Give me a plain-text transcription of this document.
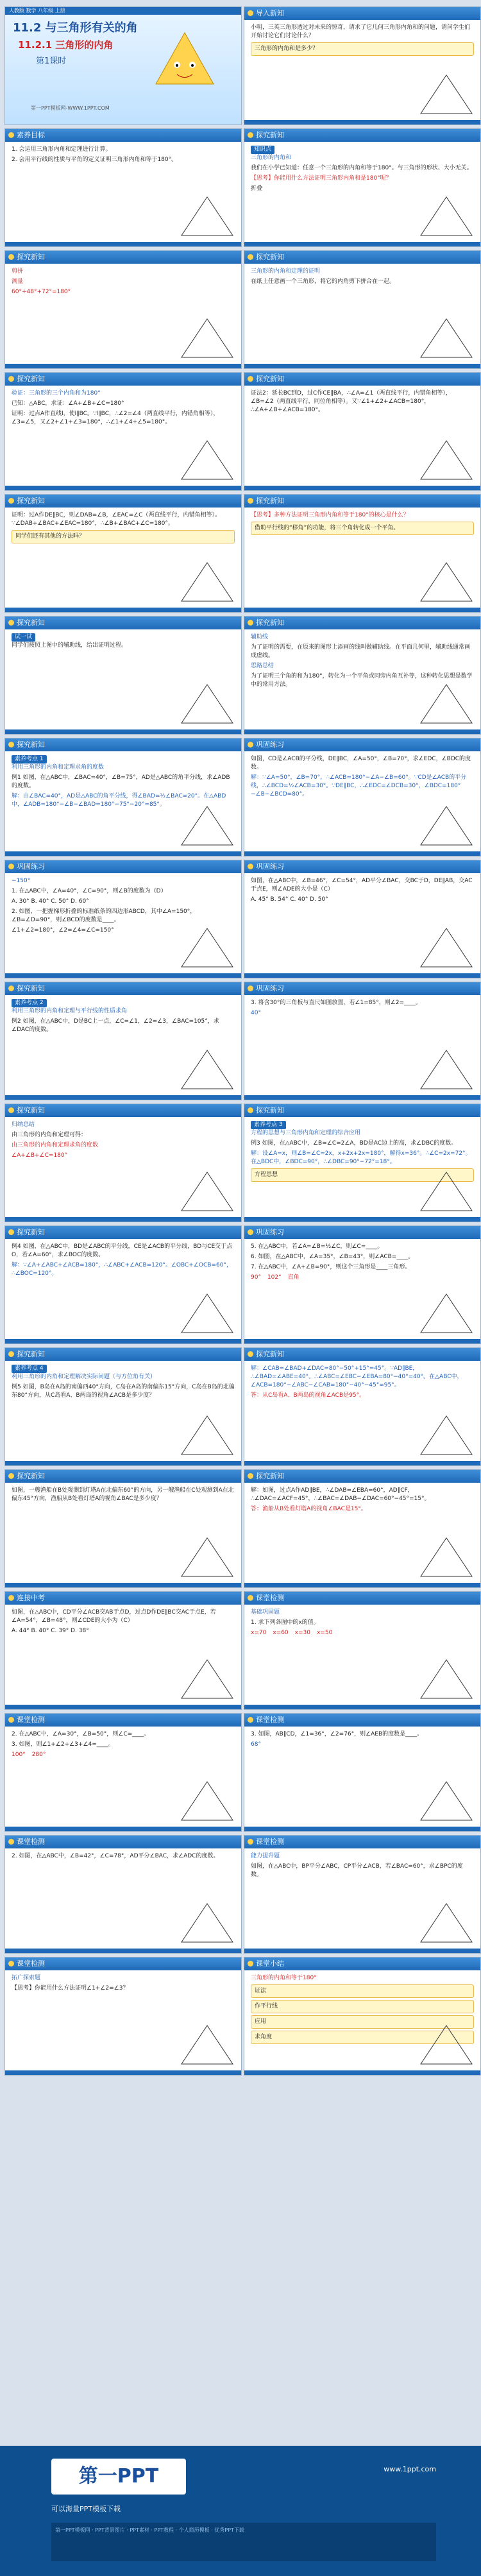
人教版 数学 八年级 上册
11.2 与三角形有关的角
11.2.1 三角形的内角
第1课时
第一PPT模板网-WWW.1PPT.COM
导入新知
小明，三英三角形透过对未来的惊奇，请求了它几何三角形内角和的问题，请问学生们开始讨论它们讨论什么？
三角形的内角和是多少？
素养目标
1. 会运用三角形内角和定理进行计算。
2. 会用平行线的性质与平角的定义证明三角形内角和等于180°。
探究新知
知识点
三角形的内角和
我们在小学已知道：任意一个三角形的内角和等于180°。与三角形的形状、大小无关。
【思考】你能用什么方法证明三角形内角和是180°呢？
折叠
探究新知
剪拼
测量
60°+48°+72°=180°
探究新知
三角形的内角和定理的证明
在纸上任意画一个三角形，将它的内角剪下拼合在一起。
探究新知
验证：三角形的三个内角和为180°
已知：△ABC，求证：∠A+∠B+∠C=180°
证明：过点A作直线l，使l∥BC。∵l∥BC，∴∠2=∠4（两直线平行，内错角相等），∠3=∠5，又∠2+∠1+∠3=180°，∴∠1+∠4+∠5=180°。
探究新知
证法2：延长BC到D，过C作CE∥BA，∴∠A=∠1（两直线平行，内错角相等），∠B=∠2（两直线平行，同位角相等）。又∵∠1+∠2+∠ACB=180°，∴∠A+∠B+∠ACB=180°。
探究新知
证明：过A作DE∥BC，则∠DAB=∠B，∠EAC=∠C（两直线平行，内错角相等）。∵∠DAB+∠BAC+∠EAC=180°，∴∠B+∠BAC+∠C=180°。
同学们还有其他的方法吗？
探究新知
【思考】多种方法证明三角形内角和等于180°的核心是什么？
借助平行线的“移角”的功能，将三个角转化成一个平角。
探究新知
试一试
同学们按照上图中的辅助线，给出证明过程。
探究新知
辅助线
为了证明的需要，在原来的图形上添画的线叫做辅助线。在平面几何里，辅助线通常画成虚线。
思路总结
为了证明三个角的和为180°，转化为一个平角或同旁内角互补等，这种转化思想是数学中的常用方法。
探究新知
素养考点 1
利用三角形的内角和定理求角的度数
例1 如图，在△ABC中，∠BAC=40°，∠B=75°，AD是△ABC的角平分线，求∠ADB的度数。
解：由∠BAC=40°，AD是△ABC的角平分线，得∠BAD=½∠BAC=20°。在△ABD中，∠ADB=180°−∠B−∠BAD=180°−75°−20°=85°。
巩固练习
如图，CD是∠ACB的平分线，DE∥BC，∠A=50°，∠B=70°，求∠EDC，∠BDC的度数。
解：∵∠A=50°，∠B=70°，∴∠ACB=180°−∠A−∠B=60°。∵CD是∠ACB的平分线，∴∠BCD=½∠ACB=30°。∵DE∥BC，∴∠EDC=∠DCB=30°，∠BDC=180°−∠B−∠BCD=80°。
巩固练习
−150°
1. 在△ABC中，∠A=40°，∠C=90°，则∠B的度数为（D）
A. 30° B. 40° C. 50° D. 60°
2. 如图，一把握梯形折叠的标准纸条的四边形ABCD，其中∠A=150°，∠B=∠D=90°，则∠BCD的度数是____。
∠1+∠2=180°，∠2=∠4=∠C=150°
巩固练习
如图，在△ABC中，∠B=46°，∠C=54°，AD平分∠BAC，交BC于D，DE∥AB，交AC于点E，则∠ADE的大小是（C）
A. 45° B. 54° C. 40° D. 50°
探究新知
素养考点 2
利用三角形的内角和定理与平行线的性质求角
例2 如图，在△ABC中，D是BC上一点，∠C=∠1，∠2=∠3，∠BAC=105°，求∠DAC的度数。
巩固练习
3. 将含30°的三角板与直尺如图放置，若∠1=85°，则∠2=____。
40°
探究新知
归纳总结
由三角形的内角和定理可得：
由三角形的内角和定理求角的度数
∠A+∠B+∠C=180°
探究新知
素养考点 3
方程的思想与三角形内角和定理的综合应用
例3 如图，在△ABC中，∠B=∠C=2∠A，BD是AC边上的高，求∠DBC的度数。
解：设∠A=x，则∠B=∠C=2x，x+2x+2x=180°，解得x=36°。∴∠C=2x=72°。在△BDC中，∠BDC=90°，∴∠DBC=90°−72°=18°。
方程思想
探究新知
例4 如图，在△ABC中，BD是∠ABC的平分线，CE是∠ACB的平分线，BD与CE交于点O，若∠A=60°，求∠BOC的度数。
解：∵∠A+∠ABC+∠ACB=180°，∴∠ABC+∠ACB=120°。∠OBC+∠OCB=60°，∴∠BOC=120°。
巩固练习
5. 在△ABC中，若∠A=∠B=½∠C，则∠C=____。
6. 如图，在△ABC中，∠A=35°，∠B=43°，则∠ACB=____。
7. 在△ABC中，∠A+∠B=90°，则这个三角形是____三角形。
90° 102° 直角
探究新知
素养考点 4
利用三角形的内角和定理解决实际问题（与方位角有关）
例5 如图，B岛在A岛的南偏西40°方向，C岛在A岛的南偏东15°方向，C岛在B岛的北偏东80°方向，从C岛看A、B两岛的视角∠ACB是多少度？
探究新知
解：∠CAB=∠BAD+∠DAC=80°−50°+15°=45°。∵AD∥BE，∴∠BAD=∠ABE=40°。∴∠ABC=∠EBC−∠EBA=80°−40°=40°。在△ABC中，∠ACB=180°−∠ABC−∠CAB=180°−40°−45°=95°。
答：从C岛看A、B两岛的视角∠ACB是95°。
探究新知
如图，一艘渔船在B处观测到灯塔A在北偏东60°的方向，另一艘渔船在C处观测到A在北偏东45°方向，渔船从B处看灯塔A的视角∠BAC是多少度？
探究新知
解：如图，过点A作AD∥BE，∴∠DAB=∠EBA=60°，AD∥CF，∴∠DAC=∠ACF=45°，∴∠BAC=∠DAB−∠DAC=60°−45°=15°。
答：渔船从B处看灯塔A的视角∠BAC是15°。
连接中考
如图，在△ABC中，CD平分∠ACB交AB于点D，过点D作DE∥BC交AC于点E，若∠A=54°，∠B=48°，则∠CDE的大小为（C）
A. 44° B. 40° C. 39° D. 38°
课堂检测
基础巩固题
1. 求下列各图中的x的值。
x=70 x=60 x=30 x=50
课堂检测
2. 在△ABC中，∠A=30°，∠B=50°，则∠C=____。
3. 如图，则∠1+∠2+∠3+∠4=____。
100° 280°
课堂检测
3. 如图，AB∥CD，∠1=36°，∠2=76°，则∠AEB的度数是____。
68°
课堂检测
2. 如图，在△ABC中，∠B=42°，∠C=78°，AD平分∠BAC，求∠ADC的度数。
课堂检测
能力提升题
如图，在△ABC中，BP平分∠ABC，CP平分∠ACB，若∠BAC=60°，求∠BPC的度数。
课堂检测
拓广探索题
【思考】你能用什么方法证明∠1+∠2=∠3？
课堂小结
三角形的内角和等于180°
证法
作平行线
应用
求角度
第一PPT
可以海量PPT模板下载
www.1ppt.com
第一PPT模板网 · PPT背景图片 · PPT素材 · PPT教程 · 个人简历模板 · 优秀PPT下载
